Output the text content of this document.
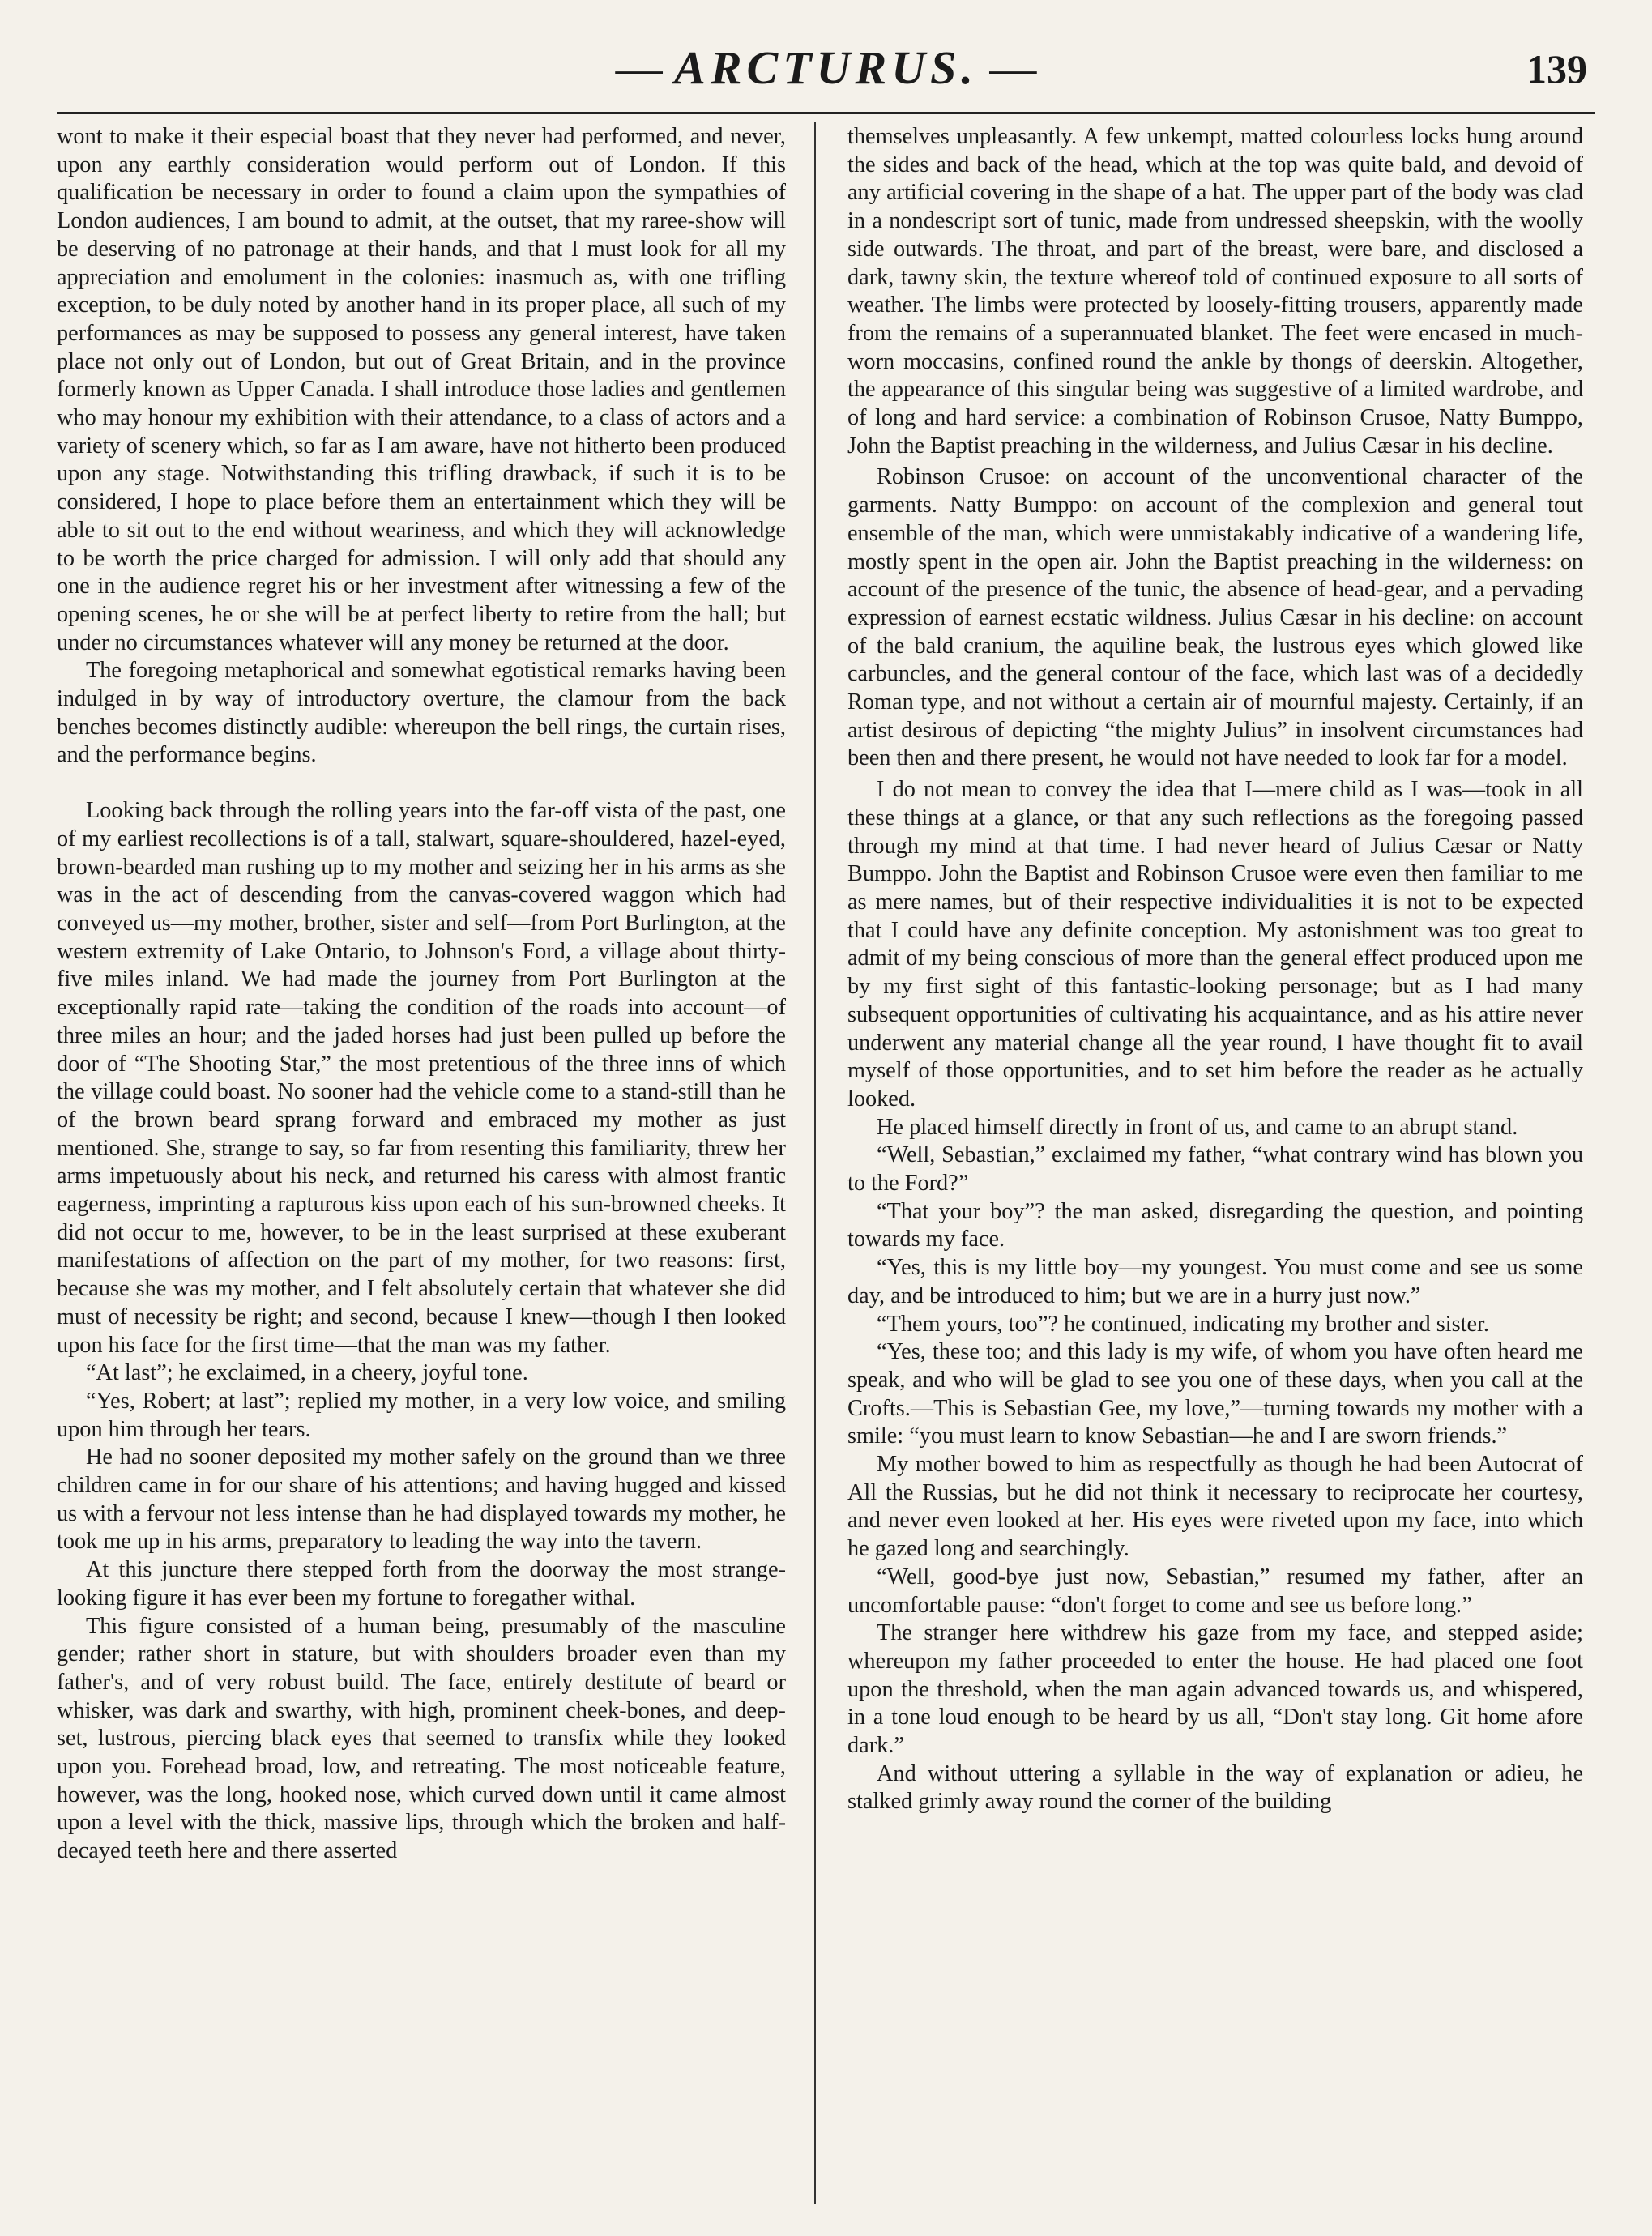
— ARCTURUS. —	139

wont to make it their especial boast that they never had performed, and never, upon any earthly consideration would perform out of London. If this qualification be necessary in order to found a claim upon the sympathies of London audiences, I am bound to admit, at the outset, that my raree-show will be deserving of no patronage at their hands, and that I must look for all my appreciation and emolument in the colonies: inasmuch as, with one trifling exception, to be duly noted by another hand in its proper place, all such of my performances as may be supposed to possess any general interest, have taken place not only out of London, but out of Great Britain, and in the province formerly known as Upper Canada. I shall introduce those ladies and gentlemen who may honour my exhibition with their attendance, to a class of actors and a variety of scenery which, so far as I am aware, have not hitherto been produced upon any stage. Notwithstanding this trifling drawback, if such it is to be considered, I hope to place before them an entertainment which they will be able to sit out to the end without weariness, and which they will acknowledge to be worth the price charged for admission. I will only add that should any one in the audience regret his or her investment after witnessing a few of the opening scenes, he or she will be at perfect liberty to retire from the hall; but under no circumstances whatever will any money be returned at the door.

The foregoing metaphorical and somewhat egotistical remarks having been indulged in by way of introductory overture, the clamour from the back benches becomes distinctly audible: whereupon the bell rings, the curtain rises, and the performance begins.

Looking back through the rolling years into the far-off vista of the past, one of my earliest recollections is of a tall, stalwart, square-shouldered, hazel-eyed, brown-bearded man rushing up to my mother and seizing her in his arms as she was in the act of descending from the canvas-covered waggon which had conveyed us—my mother, brother, sister and self—from Port Burlington, at the western extremity of Lake Ontario, to Johnson's Ford, a village about thirty-five miles inland. We had made the journey from Port Burlington at the exceptionally rapid rate—taking the condition of the roads into account—of three miles an hour; and the jaded horses had just been pulled up before the door of “The Shooting Star,” the most pretentious of the three inns of which the village could boast. No sooner had the vehicle come to a stand-still than he of the brown beard sprang forward and embraced my mother as just mentioned. She, strange to say, so far from resenting this familiarity, threw her arms impetuously about his neck, and returned his caress with almost frantic eagerness, imprinting a rapturous kiss upon each of his sun-browned cheeks. It did not occur to me, however, to be in the least surprised at these exuberant manifestations of affection on the part of my mother, for two reasons: first, because she was my mother, and I felt absolutely certain that whatever she did must of necessity be right; and second, because I knew—though I then looked upon his face for the first time—that the man was my father.

“At last”; he exclaimed, in a cheery, joyful tone.

“Yes, Robert; at last”; replied my mother, in a very low voice, and smiling upon him through her tears.

He had no sooner deposited my mother safely on the ground than we three children came in for our share of his attentions; and having hugged and kissed us with a fervour not less intense than he had displayed towards my mother, he took me up in his arms, preparatory to leading the way into the tavern.

At this juncture there stepped forth from the doorway the most strange-looking figure it has ever been my fortune to foregather withal.

This figure consisted of a human being, presumably of the masculine gender; rather short in stature, but with shoulders broader even than my father's, and of very robust build. The face, entirely destitute of beard or whisker, was dark and swarthy, with high, prominent cheek-bones, and deep-set, lustrous, piercing black eyes that seemed to transfix while they looked upon you. Forehead broad, low, and retreating. The most noticeable feature, however, was the long, hooked nose, which curved down until it came almost upon a level with the thick, massive lips, through which the broken and half-decayed teeth here and there asserted

themselves unpleasantly. A few unkempt, matted colourless locks hung around the sides and back of the head, which at the top was quite bald, and devoid of any artificial covering in the shape of a hat. The upper part of the body was clad in a nondescript sort of tunic, made from undressed sheepskin, with the woolly side outwards. The throat, and part of the breast, were bare, and disclosed a dark, tawny skin, the texture whereof told of continued exposure to all sorts of weather. The limbs were protected by loosely-fitting trousers, apparently made from the remains of a superannuated blanket. The feet were encased in much-worn moccasins, confined round the ankle by thongs of deerskin. Altogether, the appearance of this singular being was suggestive of a limited wardrobe, and of long and hard service: a combination of Robinson Crusoe, Natty Bumppo, John the Baptist preaching in the wilderness, and Julius Cæsar in his decline.

Robinson Crusoe: on account of the unconventional character of the garments. Natty Bumppo: on account of the complexion and general tout ensemble of the man, which were unmistakably indicative of a wandering life, mostly spent in the open air. John the Baptist preaching in the wilderness: on account of the presence of the tunic, the absence of head-gear, and a pervading expression of earnest ecstatic wildness. Julius Cæsar in his decline: on account of the bald cranium, the aquiline beak, the lustrous eyes which glowed like carbuncles, and the general contour of the face, which last was of a decidedly Roman type, and not without a certain air of mournful majesty. Certainly, if an artist desirous of depicting “the mighty Julius” in insolvent circumstances had been then and there present, he would not have needed to look far for a model.

I do not mean to convey the idea that I—mere child as I was—took in all these things at a glance, or that any such reflections as the foregoing passed through my mind at that time. I had never heard of Julius Cæsar or Natty Bumppo. John the Baptist and Robinson Crusoe were even then familiar to me as mere names, but of their respective individualities it is not to be expected that I could have any definite conception. My astonishment was too great to admit of my being conscious of more than the general effect produced upon me by my first sight of this fantastic-looking personage; but as I had many subsequent opportunities of cultivating his acquaintance, and as his attire never underwent any material change all the year round, I have thought fit to avail myself of those opportunities, and to set him before the reader as he actually looked.

He placed himself directly in front of us, and came to an abrupt stand.

“Well, Sebastian,” exclaimed my father, “what contrary wind has blown you to the Ford?”

“That your boy”? the man asked, disregarding the question, and pointing towards my face.

“Yes, this is my little boy—my youngest. You must come and see us some day, and be introduced to him; but we are in a hurry just now.”

“Them yours, too”? he continued, indicating my brother and sister.

“Yes, these too; and this lady is my wife, of whom you have often heard me speak, and who will be glad to see you one of these days, when you call at the Crofts.—This is Sebastian Gee, my love,”—turning towards my mother with a smile: “you must learn to know Sebastian—he and I are sworn friends.”

My mother bowed to him as respectfully as though he had been Autocrat of All the Russias, but he did not think it necessary to reciprocate her courtesy, and never even looked at her. His eyes were riveted upon my face, into which he gazed long and searchingly.

“Well, good-bye just now, Sebastian,” resumed my father, after an uncomfortable pause: “don't forget to come and see us before long.”

The stranger here withdrew his gaze from my face, and stepped aside; whereupon my father proceeded to enter the house. He had placed one foot upon the threshold, when the man again advanced towards us, and whispered, in a tone loud enough to be heard by us all, “Don't stay long. Git home afore dark.”

And without uttering a syllable in the way of explanation or adieu, he stalked grimly away round the corner of the building
